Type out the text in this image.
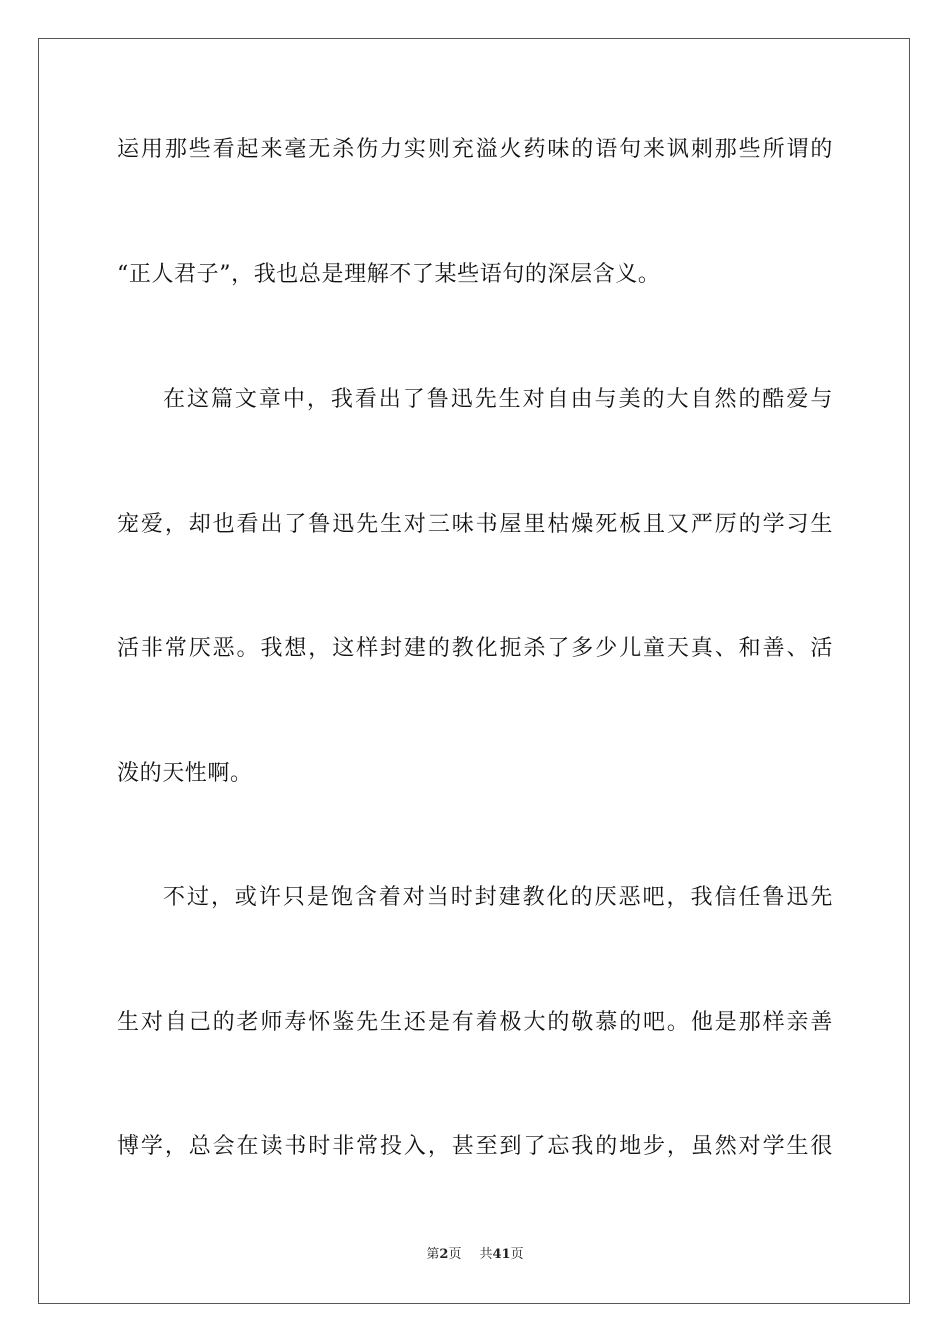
运用那些看起来毫无杀伤力实则充溢火药味的语句来讽刺那些所谓的
“正人君子”，我也总是理解不了某些语句的深层含义。
在这篇文章中，我看出了鲁迅先生对自由与美的大自然的酷爱与
宠爱，却也看出了鲁迅先生对三味书屋里枯燥死板且又严厉的学习生
活非常厌恶。我想，这样封建的教化扼杀了多少儿童天真、和善、活
泼的天性啊。
不过，或许只是饱含着对当时封建教化的厌恶吧，我信任鲁迅先
生对自己的老师寿怀鉴先生还是有着极大的敬慕的吧。他是那样亲善
博学，总会在读书时非常投入，甚至到了忘我的地步，虽然对学生很
第2页 共41页
